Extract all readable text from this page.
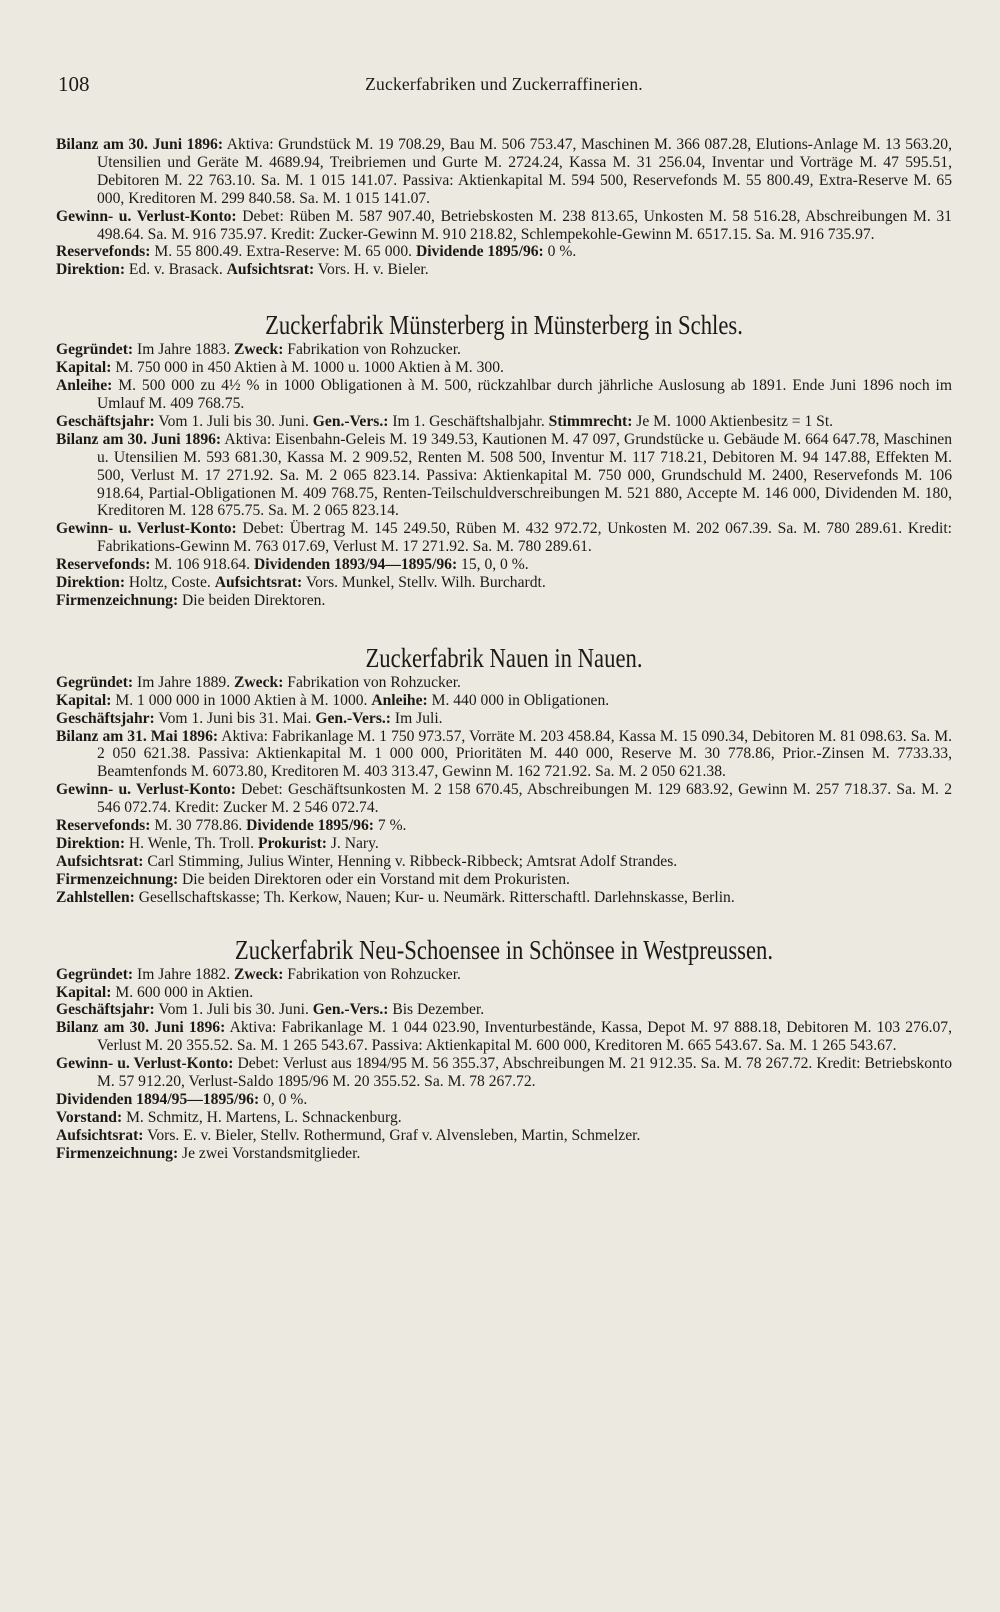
108	Zuckerfabriken und Zuckerraffinerien.

Bilanz am 30. Juni 1896: Aktiva: Grundstück M. 19 708.29, Bau M. 506 753.47, Maschinen M. 366 087.28, Elutions-Anlage M. 13 563.20, Utensilien und Geräte M. 4689.94, Treibriemen und Gurte M. 2724.24, Kassa M. 31 256.04, Inventar und Vorträge M. 47 595.51, Debitoren M. 22 763.10. Sa. M. 1 015 141.07. Passiva: Aktienkapital M. 594 500, Reservefonds M. 55 800.49, Extra-Reserve M. 65 000, Kreditoren M. 299 840.58. Sa. M. 1 015 141.07.

Gewinn- u. Verlust-Konto: Debet: Rüben M. 587 907.40, Betriebskosten M. 238 813.65, Unkosten M. 58 516.28, Abschreibungen M. 31 498.64. Sa. M. 916 735.97. Kredit: Zucker-Gewinn M. 910 218.82, Schlempekohle-Gewinn M. 6517.15. Sa. M. 916 735.97.

Reservefonds: M. 55 800.49. Extra-Reserve: M. 65 000. Dividende 1895/96: 0 %.

Direktion: Ed. v. Brasack. Aufsichtsrat: Vors. H. v. Bieler.

Zuckerfabrik Münsterberg in Münsterberg in Schles.

Gegründet: Im Jahre 1883. Zweck: Fabrikation von Rohzucker.

Kapital: M. 750 000 in 450 Aktien à M. 1000 u. 1000 Aktien à M. 300.

Anleihe: M. 500 000 zu 4½ % in 1000 Obligationen à M. 500, rückzahlbar durch jährliche Auslosung ab 1891. Ende Juni 1896 noch im Umlauf M. 409 768.75.

Geschäftsjahr: Vom 1. Juli bis 30. Juni. Gen.-Vers.: Im 1. Geschäftshalbjahr. Stimmrecht: Je M. 1000 Aktienbesitz = 1 St.

Bilanz am 30. Juni 1896: Aktiva: Eisenbahn-Geleis M. 19 349.53, Kautionen M. 47 097, Grundstücke u. Gebäude M. 664 647.78, Maschinen u. Utensilien M. 593 681.30, Kassa M. 2 909.52, Renten M. 508 500, Inventur M. 117 718.21, Debitoren M. 94 147.88, Effekten M. 500, Verlust M. 17 271.92. Sa. M. 2 065 823.14. Passiva: Aktienkapital M. 750 000, Grundschuld M. 2400, Reservefonds M. 106 918.64, Partial-Obligationen M. 409 768.75, Renten-Teilschuldverschreibungen M. 521 880, Accepte M. 146 000, Dividenden M. 180, Kreditoren M. 128 675.75. Sa. M. 2 065 823.14.

Gewinn- u. Verlust-Konto: Debet: Übertrag M. 145 249.50, Rüben M. 432 972.72, Unkosten M. 202 067.39. Sa. M. 780 289.61. Kredit: Fabrikations-Gewinn M. 763 017.69, Verlust M. 17 271.92. Sa. M. 780 289.61.

Reservefonds: M. 106 918.64. Dividenden 1893/94—1895/96: 15, 0, 0 %.

Direktion: Holtz, Coste. Aufsichtsrat: Vors. Munkel, Stellv. Wilh. Burchardt.

Firmenzeichnung: Die beiden Direktoren.

Zuckerfabrik Nauen in Nauen.

Gegründet: Im Jahre 1889. Zweck: Fabrikation von Rohzucker.

Kapital: M. 1 000 000 in 1000 Aktien à M. 1000. Anleihe: M. 440 000 in Obligationen.

Geschäftsjahr: Vom 1. Juni bis 31. Mai. Gen.-Vers.: Im Juli.

Bilanz am 31. Mai 1896: Aktiva: Fabrikanlage M. 1 750 973.57, Vorräte M. 203 458.84, Kassa M. 15 090.34, Debitoren M. 81 098.63. Sa. M. 2 050 621.38. Passiva: Aktienkapital M. 1 000 000, Prioritäten M. 440 000, Reserve M. 30 778.86, Prior.-Zinsen M. 7733.33, Beamtenfonds M. 6073.80, Kreditoren M. 403 313.47, Gewinn M. 162 721.92. Sa. M. 2 050 621.38.

Gewinn- u. Verlust-Konto: Debet: Geschäftsunkosten M. 2 158 670.45, Abschreibungen M. 129 683.92, Gewinn M. 257 718.37. Sa. M. 2 546 072.74. Kredit: Zucker M. 2 546 072.74.

Reservefonds: M. 30 778.86. Dividende 1895/96: 7 %.

Direktion: H. Wenle, Th. Troll. Prokurist: J. Nary.

Aufsichtsrat: Carl Stimming, Julius Winter, Henning v. Ribbeck-Ribbeck; Amtsrat Adolf Strandes.

Firmenzeichnung: Die beiden Direktoren oder ein Vorstand mit dem Prokuristen.

Zahlstellen: Gesellschaftskasse; Th. Kerkow, Nauen; Kur- u. Neumärk. Ritterschaftl. Darlehnskasse, Berlin.

Zuckerfabrik Neu-Schoensee in Schönsee in Westpreussen.

Gegründet: Im Jahre 1882. Zweck: Fabrikation von Rohzucker.

Kapital: M. 600 000 in Aktien.

Geschäftsjahr: Vom 1. Juli bis 30. Juni. Gen.-Vers.: Bis Dezember.

Bilanz am 30. Juni 1896: Aktiva: Fabrikanlage M. 1 044 023.90, Inventurbestände, Kassa, Depot M. 97 888.18, Debitoren M. 103 276.07, Verlust M. 20 355.52. Sa. M. 1 265 543.67. Passiva: Aktienkapital M. 600 000, Kreditoren M. 665 543.67. Sa. M. 1 265 543.67.

Gewinn- u. Verlust-Konto: Debet: Verlust aus 1894/95 M. 56 355.37, Abschreibungen M. 21 912.35. Sa. M. 78 267.72. Kredit: Betriebskonto M. 57 912.20, Verlust-Saldo 1895/96 M. 20 355.52. Sa. M. 78 267.72.

Dividenden 1894/95—1895/96: 0, 0 %.

Vorstand: M. Schmitz, H. Martens, L. Schnackenburg.

Aufsichtsrat: Vors. E. v. Bieler, Stellv. Rothermund, Graf v. Alvensleben, Martin, Schmelzer.

Firmenzeichnung: Je zwei Vorstandsmitglieder.
